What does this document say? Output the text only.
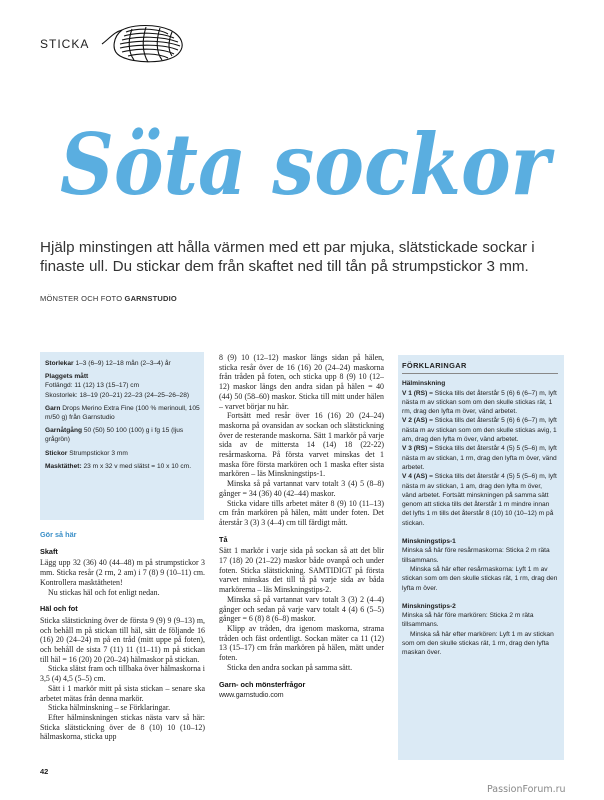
STICKA
Söta sockor
Hjälp minstingen att hålla värmen med ett par mjuka, slätstickade sockar i finaste ull. Du stickar dem från skaftet ned till tån på strumpstickor 3 mm.
MÖNSTER OCH FOTO GARNSTUDIO

Storlekar 1–3 (6–9) 12–18 mån (2–3–4) år

Plaggets mått

Fotlängd: 11 (12) 13 (15–17) cm

Skostorlek: 18–19 (20–21) 22–23 (24–25–26–28)

Garn Drops Merino Extra Fine (100 % merinoull, 105 m/50 g) från Garnstudio

Garnåtgång 50 (50) 50 100 (100) g i fg 15 (ljus grågrön)

Stickor Strumpstickor 3 mm

Masktäthet: 23 m x 32 v med slätst = 10 x 10 cm.

Gör så här
Skaft

Lägg upp 32 (36) 40 (44–48) m på strumpstickor 3 mm. Sticka resår (2 rm, 2 am) i 7 (8) 9 (10–11) cm. Kontrollera masktätheten!

Nu stickas häl och fot enligt nedan.

Häl och fot

Sticka slätstickning över de första 9 (9) 9 (9–13) m, och behåll m på stickan till häl, sätt de följande 16 (16) 20 (24–24) m på en tråd (mitt uppe på foten), och behåll de sista 7 (11) 11 (11–11) m på stickan till häl = 16 (20) 20 (20–24) hälmaskor på stickan.

Sticka slätst fram och tillbaka över hälmaskorna i 3,5 (4) 4,5 (5–5) cm.

Sätt i 1 markör mitt på sista stickan – senare ska arbetet mätas från denna markör.

Sticka hälminskning – se Förklaringar.

Efter hälminskningen stickas nästa varv så här: Sticka slätstickning över de 8 (10) 10 (10–12) hälmaskorna, sticka upp

8 (9) 10 (12–12) maskor längs sidan på hälen, sticka resår över de 16 (16) 20 (24–24) maskorna från tråden på foten, och sticka upp 8 (9) 10 (12–12) maskor längs den andra sidan på hälen = 40 (44) 50 (58–60) maskor. Sticka till mitt under hälen – varvet börjar nu här.

Fortsätt med resår över 16 (16) 20 (24–24) maskorna på ovansidan av sockan och slätstickning över de resterande maskorna. Sätt 1 markör på varje sida av de mittersta 14 (14) 18 (22-22) resårmaskorna. På första varvet minskas det 1 maska före första markören och 1 maska efter sista markören – läs Minskningstips-1.

Minska så på vartannat varv totalt 3 (4) 5 (8–8) gånger = 34 (36) 40 (42–44) maskor.

Sticka vidare tills arbetet mäter 8 (9) 10 (11–13) cm från markören på hälen, mätt under foten. Det återstår 3 (3) 3 (4–4) cm till färdigt mått.

Tå

Sätt 1 markör i varje sida på sockan så att det blir 17 (18) 20 (21–22) maskor både ovanpå och under foten. Sticka slätstickning. SAMTIDIGT på första varvet minskas det till tå på varje sida av båda markörerna – läs Minskningstips-2.

Minska så på vartannat varv totalt 3 (3) 2 (4–4) gånger och sedan på varje varv totalt 4 (4) 6 (5–5) gånger = 6 (8) 8 (6–8) maskor.

Klipp av tråden, dra igenom maskorna, strama tråden och fäst ordentligt. Sockan mäter ca 11 (12) 13 (15–17) cm från markören på hälen, mätt under foten.

Sticka den andra sockan på samma sätt.

Garn- och mönsterfrågor

www.garnstudio.com

FÖRKLARINGAR

Hälminskning

V 1 (RS) = Sticka tills det återstår 5 (6) 6 (6–7) m, lyft nästa m av stickan som om den skulle stickas rät, 1 rm, drag den lyfta m över, vänd arbetet.

V 2 (AS) = Sticka tills det återstår 5 (6) 6 (6–7) m, lyft nästa m av stickan som om den skulle stickas avig, 1 am, drag den lyfta m över, vänd arbetet.

V 3 (RS) = Sticka tills det återstår 4 (5) 5 (5–6) m, lyft nästa m av stickan, 1 rm, drag den lyfta m över, vänd arbetet.

V 4 (AS) = Sticka tills det återstår 4 (5) 5 (5–6) m, lyft nästa m av stickan, 1 am, drag den lyfta m över, vänd arbetet. Fortsätt minskningen på samma sätt genom att sticka tills det återstår 1 m mindre innan det lyfts 1 m tills det återstår 8 (10) 10 (10–12) m på stickan.

Minskningstips-1

Minska så här före resårmaskorna: Sticka 2 m räta tillsammans.

Minska så här efter resårmaskorna: Lyft 1 m av stickan som om den skulle stickas rät, 1 rm, drag den lyfta m över.

Minskningstips-2

Minska så här före markören: Sticka 2 m räta tillsammans.

Minska så här efter markören: Lyft 1 m av stickan som om den skulle stickas rät, 1 rm, drag den lyfta maskan över.

42
PassionForum.ru
